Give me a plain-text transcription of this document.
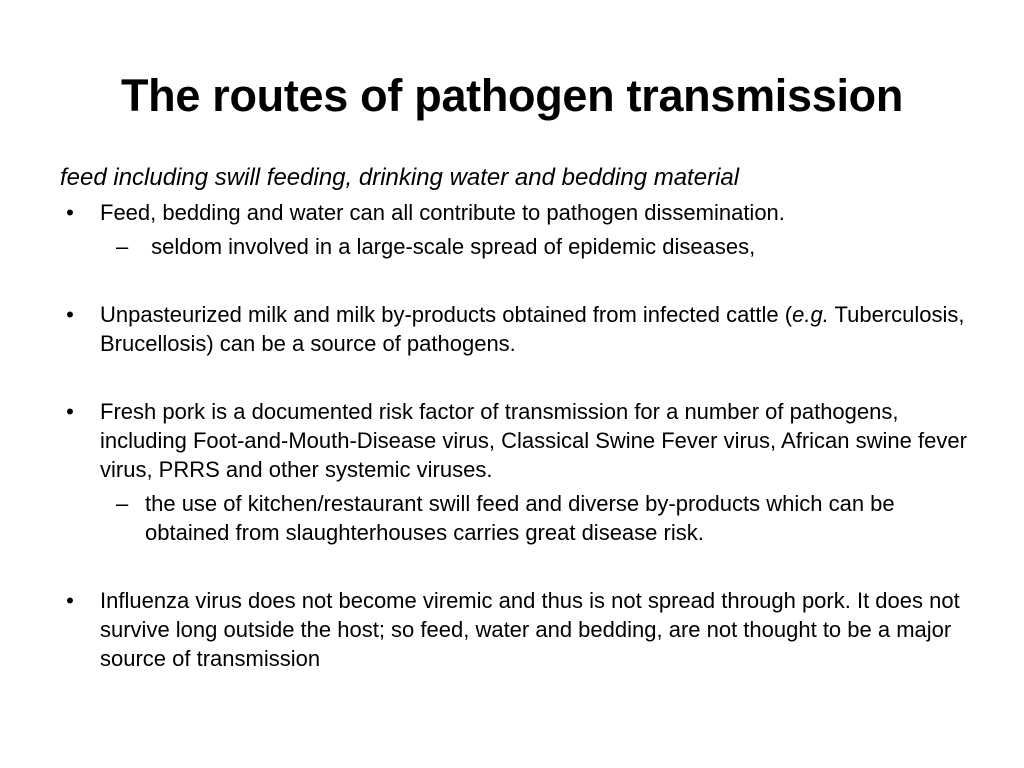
The routes of pathogen transmission

feed including swill feeding, drinking water and bedding material

• Feed, bedding and water can all contribute to pathogen dissemination.
– seldom involved in a large-scale spread of epidemic diseases,
• Unpasteurized milk and milk by-products obtained from infected cattle (e.g. Tuberculosis, Brucellosis) can be a source of pathogens.
• Fresh pork is a documented risk factor of transmission for a number of pathogens, including Foot-and-Mouth-Disease virus, Classical Swine Fever virus, African swine fever virus, PRRS and other systemic viruses.
– the use of kitchen/restaurant swill feed and diverse by-products which can be obtained from slaughterhouses carries great disease risk.
• Influenza virus does not become viremic and thus is not spread through pork. It does not survive long outside the host; so feed, water and bedding, are not thought to be a major source of transmission
